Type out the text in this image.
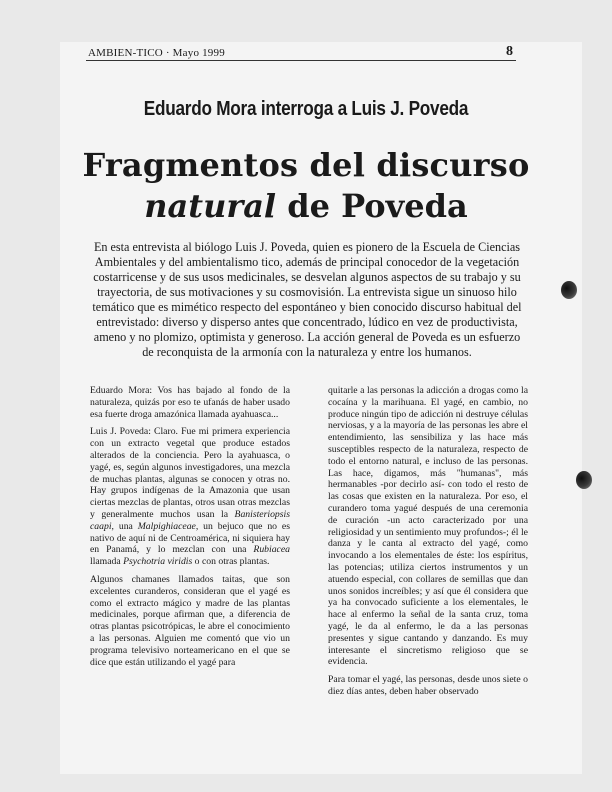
AMBIEN-TICO · Mayo 1999	8
Eduardo Mora interroga a Luis J. Poveda
Fragmentos del discurso
natural de Poveda
En esta entrevista al biólogo Luis J. Poveda, quien es pionero de la Escuela de Ciencias Ambientales y del ambientalismo tico, además de principal conocedor de la vegetación costarricense y de sus usos medicinales, se desvelan algunos aspectos de su trabajo y su trayectoria, de sus motivaciones y su cosmovisión. La entrevista sigue un sinuoso hilo temático que es mimético respecto del espontáneo y bien conocido discurso habitual del entrevistado: diverso y disperso antes que concentrado, lúdico en vez de productivista, ameno y no plomizo, optimista y generoso. La acción general de Poveda es un esfuerzo de reconquista de la armonía con la naturaleza y entre los humanos.

Eduardo Mora: Vos has bajado al fondo de la naturaleza, quizás por eso te ufanás de haber usado esa fuerte droga amazónica llamada ayahuasca...

Luis J. Poveda: Claro. Fue mi primera experiencia con un extracto vegetal que produce estados alterados de la conciencia. Pero la ayahuasca, o yagé, es, según algunos investigadores, una mezcla de muchas plantas, algunas se conocen y otras no. Hay grupos indígenas de la Amazonia que usan ciertas mezclas de plantas, otros usan otras mezclas y generalmente muchos usan la Banisteriopsis caapi, una Malpighiaceae, un bejuco que no es nativo de aquí ni de Centroamérica, ni siquiera hay en Panamá, y lo mezclan con una Rubiacea llamada Psychotria viridis o con otras plantas.

Algunos chamanes llamados taitas, que son excelentes curanderos, consideran que el yagé es como el extracto mágico y madre de las plantas medicinales, porque afirman que, a diferencia de otras plantas psicotrópicas, le abre el conocimiento a las personas. Alguien me comentó que vio un programa televisivo norteamericano en el que se dice que están utilizando el yagé para

quitarle a las personas la adicción a drogas como la cocaína y la marihuana. El yagé, en cambio, no produce ningún tipo de adicción ni destruye células nerviosas, y a la mayoría de las personas les abre el entendimiento, las sensibiliza y las hace más susceptibles respecto de la naturaleza, respecto de todo el entorno natural, e incluso de las personas. Las hace, digamos, más "humanas", más hermanables -por decirlo así- con todo el resto de las cosas que existen en la naturaleza. Por eso, el curandero toma yagué después de una ceremonia de curación -un acto caracterizado por una religiosidad y un sentimiento muy profundos-; él le danza y le canta al extracto del yagé, como invocando a los elementales de éste: los espíritus, las potencias; utiliza ciertos instrumentos y un atuendo especial, con collares de semillas que dan unos sonidos increíbles; y así que él considera que ya ha convocado suficiente a los elementales, le hace al enfermo la señal de la santa cruz, toma yagé, le da al enfermo, le da a las personas presentes y sigue cantando y danzando. Es muy interesante el sincretismo religioso que se evidencia.

Para tomar el yagé, las personas, desde unos siete o diez días antes, deben haber observado
